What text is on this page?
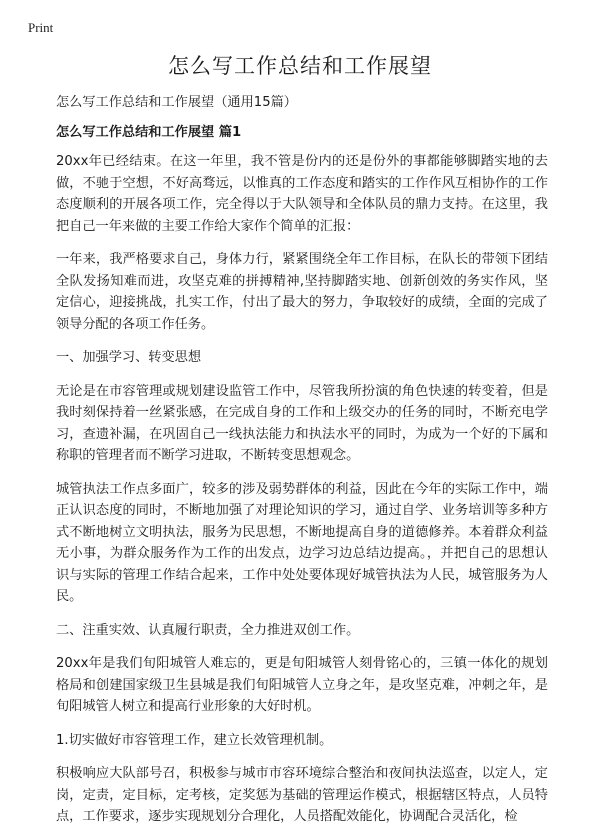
Print
怎么写工作总结和工作展望

怎么写工作总结和工作展望（通用15篇）

怎么写工作总结和工作展望 篇1

20xx年已经结束。在这一年里，我不管是份内的还是份外的事都能够脚踏实地的去做，不驰于空想，不好高骛远，以惟真的工作态度和踏实的工作作风互相协作的工作态度顺利的开展各项工作，完全得以于大队领导和全体队员的鼎力支持。在这里，我把自己一年来做的主要工作给大家作个简单的汇报：

一年来，我严格要求自己，身体力行，紧紧围绕全年工作目标，在队长的带领下团结全队发扬知难而进，攻坚克难的拼搏精神,坚持脚踏实地、创新创效的务实作风，坚定信心，迎接挑战，扎实工作，付出了最大的努力，争取较好的成绩，全面的完成了领导分配的各项工作任务。

一、加强学习、转变思想

无论是在市容管理或规划建设监管工作中，尽管我所扮演的角色快速的转变着，但是我时刻保持着一丝紧张感，在完成自身的工作和上级交办的任务的同时，不断充电学习，查遗补漏，在巩固自己一线执法能力和执法水平的同时，为成为一个好的下属和称职的管理者而不断学习进取，不断转变思想观念。

城管执法工作点多面广，较多的涉及弱势群体的利益，因此在今年的实际工作中，端正认识态度的同时，不断地加强了对理论知识的学习，通过自学、业务培训等多种方式不断地树立文明执法，服务为民思想，不断地提高自身的道德修养。本着群众利益无小事，为群众服务作为工作的出发点，边学习边总结边提高。，并把自己的思想认识与实际的管理工作结合起来，工作中处处要体现好城管执法为人民，城管服务为人民。

二、注重实效、认真履行职责，全力推进双创工作。

20xx年是我们旬阳城管人难忘的，更是旬阳城管人刻骨铭心的，三镇一体化的规划格局和创建国家级卫生县城是我们旬阳城管人立身之年，是攻坚克难，冲刺之年，是旬阳城管人树立和提高行业形象的大好时机。

1.切实做好市容管理工作，建立长效管理机制。

积极响应大队部号召，积极参与城市市容环境综合整治和夜间执法巡查，以定人，定岗，定责，定目标，定考核，定奖惩为基础的管理运作模式，根据辖区特点，人员特点，工作要求，逐步实现规划分合理化，人员搭配效能化，协调配合灵活化，检
